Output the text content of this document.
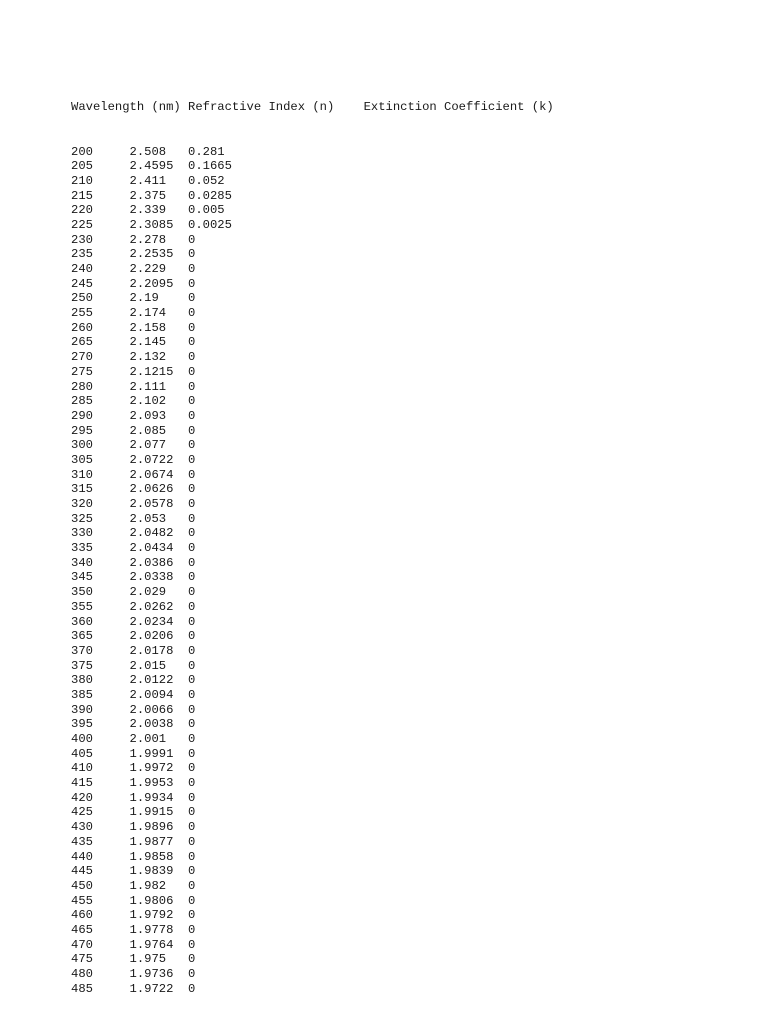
Wavelength (nm)	Refractive Index (n)	Extinction Coefficient (k)

200	2.508	0.281
205	2.4595	0.1665
210	2.411	0.052
215	2.375	0.0285
220	2.339	0.005
225	2.3085	0.0025
230	2.278	0
235	2.2535	0
240	2.229	0
245	2.2095	0
250	2.19	0
255	2.174	0
260	2.158	0
265	2.145	0
270	2.132	0
275	2.1215	0
280	2.111	0
285	2.102	0
290	2.093	0
295	2.085	0
300	2.077	0
305	2.0722	0
310	2.0674	0
315	2.0626	0
320	2.0578	0
325	2.053	0
330	2.0482	0
335	2.0434	0
340	2.0386	0
345	2.0338	0
350	2.029	0
355	2.0262	0
360	2.0234	0
365	2.0206	0
370	2.0178	0
375	2.015	0
380	2.0122	0
385	2.0094	0
390	2.0066	0
395	2.0038	0
400	2.001	0
405	1.9991	0
410	1.9972	0
415	1.9953	0
420	1.9934	0
425	1.9915	0
430	1.9896	0
435	1.9877	0
440	1.9858	0
445	1.9839	0
450	1.982	0
455	1.9806	0
460	1.9792	0
465	1.9778	0
470	1.9764	0
475	1.975	0
480	1.9736	0
485	1.9722	0
